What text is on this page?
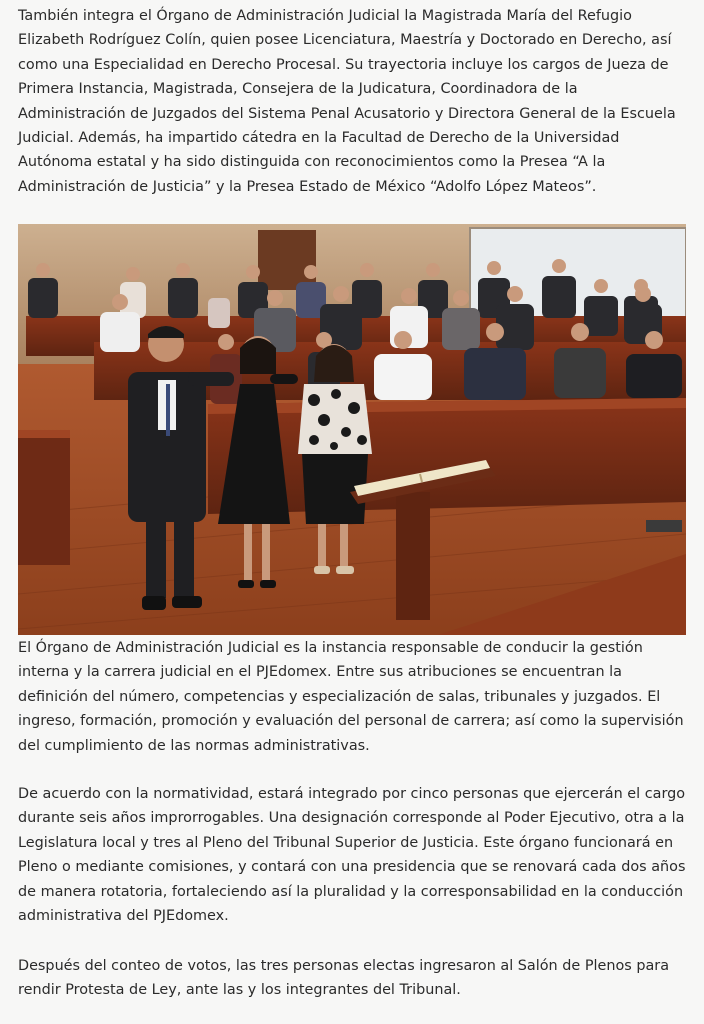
También integra el Órgano de Administración Judicial la Magistrada María del Refugio
Elizabeth Rodríguez Colín, quien posee Licenciatura, Maestría y Doctorado en Derecho, así
como una Especialidad en Derecho Procesal. Su trayectoria incluye los cargos de Jueza de
Primera Instancia, Magistrada, Consejera de la Judicatura, Coordinadora de la
Administración de Juzgados del Sistema Penal Acusatorio y Directora General de la Escuela
Judicial. Además, ha impartido cátedra en la Facultad de Derecho de la Universidad
Autónoma estatal y ha sido distinguida con reconocimientos como la Presea “A la
Administración de Justicia” y la Presea Estado de México “Adolfo López Mateos”.
El Órgano de Administración Judicial es la instancia responsable de conducir la gestión
interna y la carrera judicial en el PJEdomex. Entre sus atribuciones se encuentran la
definición del número, competencias y especialización de salas, tribunales y juzgados. El
ingreso, formación, promoción y evaluación del personal de carrera; así como la supervisión
del cumplimiento de las normas administrativas.
De acuerdo con la normatividad, estará integrado por cinco personas que ejercerán el cargo
durante seis años improrrogables. Una designación corresponde al Poder Ejecutivo, otra a la
Legislatura local y tres al Pleno del Tribunal Superior de Justicia. Este órgano funcionará en
Pleno o mediante comisiones, y contará con una presidencia que se renovará cada dos años
de manera rotatoria, fortaleciendo así la pluralidad y la corresponsabilidad en la conducción
administrativa del PJEdomex.
Después del conteo de votos, las tres personas electas ingresaron al Salón de Plenos para
rendir Protesta de Ley, ante las y los integrantes del Tribunal.
